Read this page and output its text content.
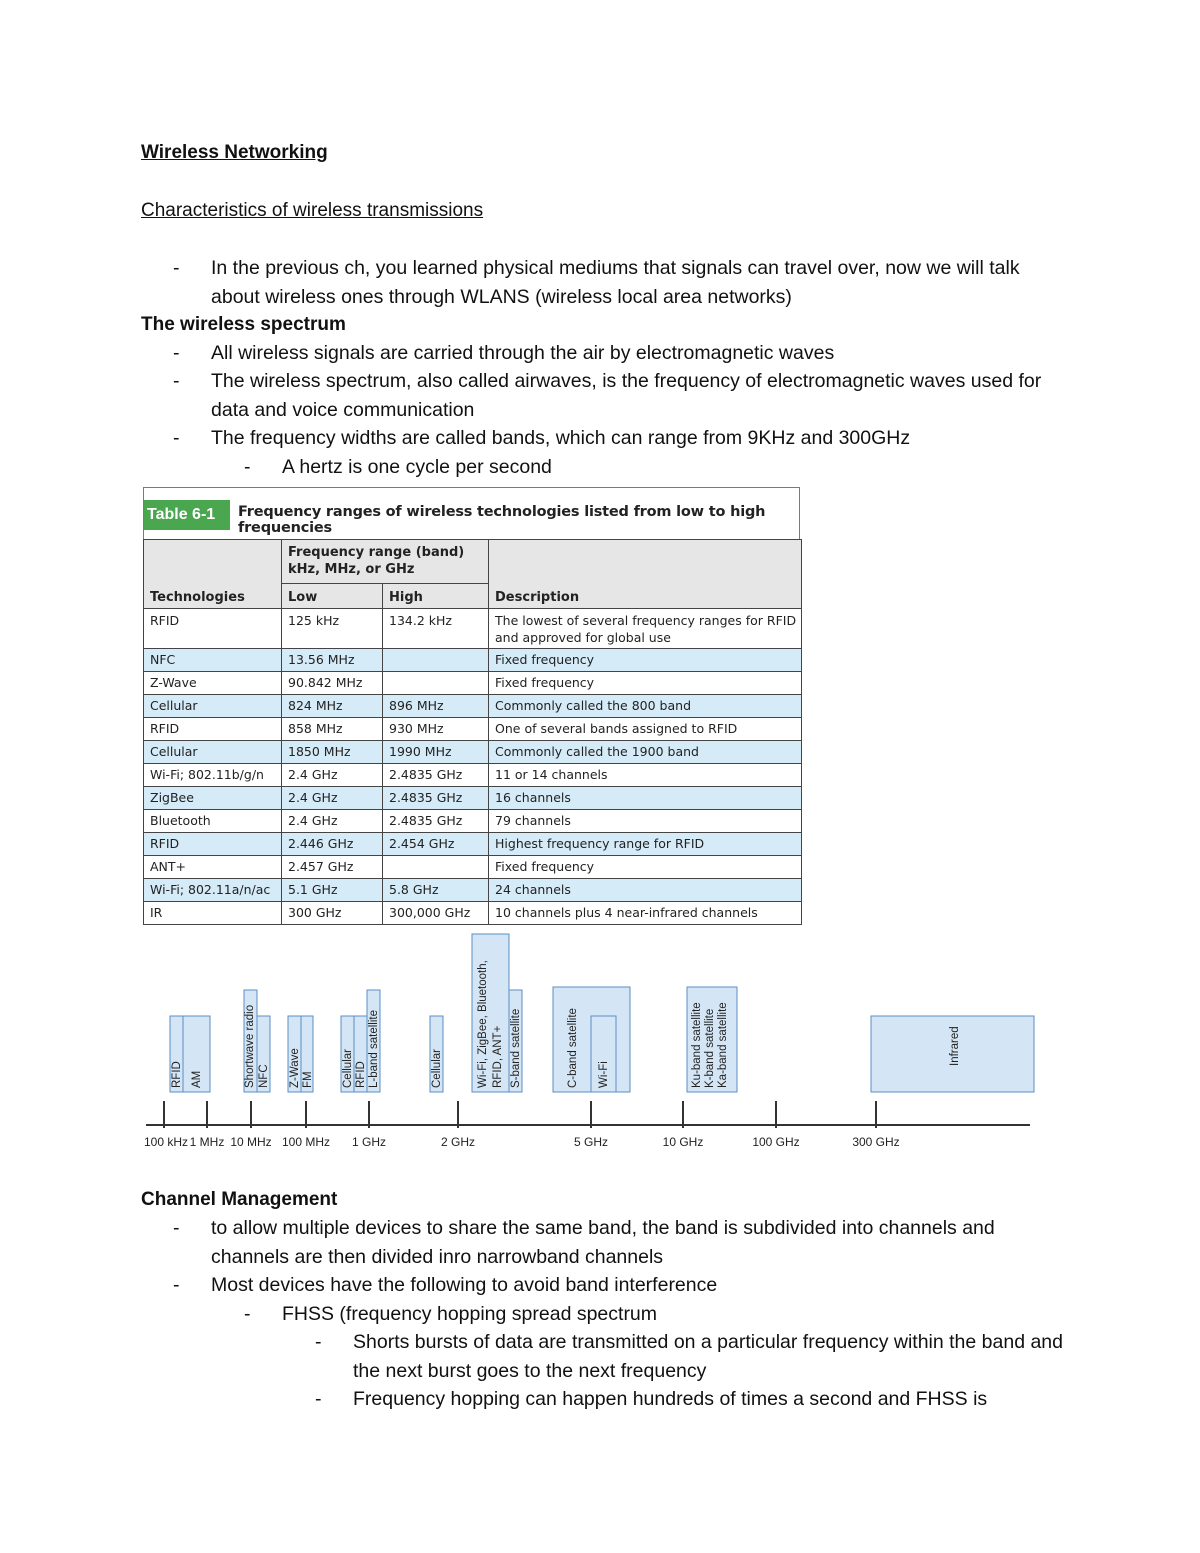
Wireless Networking
Characteristics of wireless transmissions
- In the previous ch, you learned physical mediums that signals can travel over, now we will talk about wireless ones through WLANS (wireless local area networks)
The wireless spectrum
- All wireless signals are carried through the air by electromagnetic waves
- The wireless spectrum, also called airwaves, is the frequency of electromagnetic waves used for data and voice communication
- The frequency widths are called bands, which can range from 9KHz and 300GHz
- A hertz is one cycle per second
Table 6-1	Frequency ranges of wireless technologies listed from low to high frequencies
Technologies	Frequency range (band)
kHz, MHz, or GHz		Description
	Low	High	
RFID	125 kHz	134.2 kHz	The lowest of several frequency ranges for RFID and approved for global use
NFC	13.56 MHz		Fixed frequency
Z-Wave	90.842 MHz		Fixed frequency
Cellular	824 MHz	896 MHz	Commonly called the 800 band
RFID	858 MHz	930 MHz	One of several bands assigned to RFID
Cellular	1850 MHz	1990 MHz	Commonly called the 1900 band
Wi-Fi; 802.11b/g/n	2.4 GHz	2.4835 GHz	11 or 14 channels
ZigBee	2.4 GHz	2.4835 GHz	16 channels
Bluetooth	2.4 GHz	2.4835 GHz	79 channels
RFID	2.446 GHz	2.454 GHz	Highest frequency range for RFID
ANT+	2.457 GHz		Fixed frequency
Wi-Fi; 802.11a/n/ac	5.1 GHz	5.8 GHz	24 channels
IR	300 GHz	300,000 GHz	10 channels plus 4 near-infrared channels
RFID AM	Shortwave radio NFC Z-Wave FM Cellular RFID L-band satellite	Cellular	Wi-Fi, ZigBee, Bluetooth, RFID, ANT+ S-band satellite	C-band satellite Wi-Fi	Ku-band satellite K-band satellite Ka-band satellite	Infrared
100 kHz 1 MHz 10 MHz 100 MHz 1 GHz	2 GHz	5 GHz	10 GHz	100 GHz	300 GHz
Channel Management
- to allow multiple devices to share the same band, the band is subdivided into channels and channels are then divided inro narrowband channels
- Most devices have the following to avoid band interference
- FHSS (frequency hopping spread spectrum
- Shorts bursts of data are transmitted on a particular frequency within the band and the next burst goes to the next frequency
- Frequency hopping can happen hundreds of times a second and FHSS is
